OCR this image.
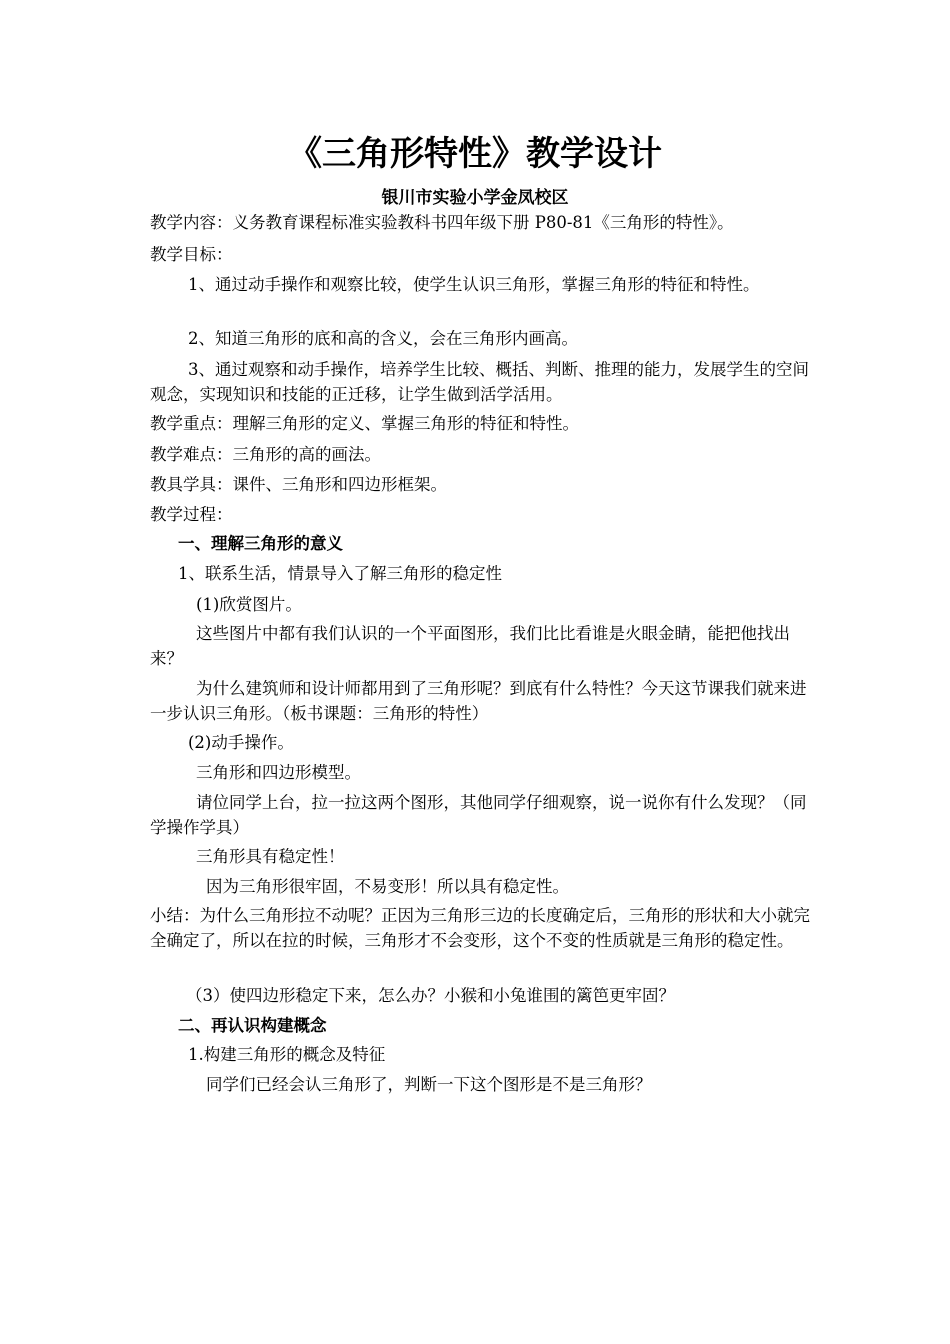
《三角形特性》教学设计
银川市实验小学金凤校区
教学内容：义务教育课程标准实验教科书四年级下册 P80-81《三角形的特性》。
教学目标：
1、通过动手操作和观察比较，使学生认识三角形，掌握三角形的特征和特性。
2、知道三角形的底和高的含义，会在三角形内画高。
3、通过观察和动手操作，培养学生比较、概括、判断、推理的能力，发展学生的空间观念，实现知识和技能的正迁移，让学生做到活学活用。
教学重点：理解三角形的定义、掌握三角形的特征和特性。
教学难点：三角形的高的画法。
教具学具：课件、三角形和四边形框架。
教学过程：
一、理解三角形的意义
1、联系生活，情景导入了解三角形的稳定性
(1)欣赏图片。
这些图片中都有我们认识的一个平面图形，我们比比看谁是火眼金睛，能把他找出来？
为什么建筑师和设计师都用到了三角形呢？到底有什么特性？今天这节课我们就来进一步认识三角形。（板书课题：三角形的特性）
(2)动手操作。
三角形和四边形模型。
请位同学上台，拉一拉这两个图形，其他同学仔细观察，说一说你有什么发现？（同学操作学具）
三角形具有稳定性！
因为三角形很牢固，不易变形！所以具有稳定性。
小结：为什么三角形拉不动呢？正因为三角形三边的长度确定后，三角形的形状和大小就完全确定了，所以在拉的时候，三角形才不会变形，这个不变的性质就是三角形的稳定性。
（3）使四边形稳定下来，怎么办？小猴和小兔谁围的篱笆更牢固？
二、再认识构建概念
1.构建三角形的概念及特征
同学们已经会认三角形了，判断一下这个图形是不是三角形？
